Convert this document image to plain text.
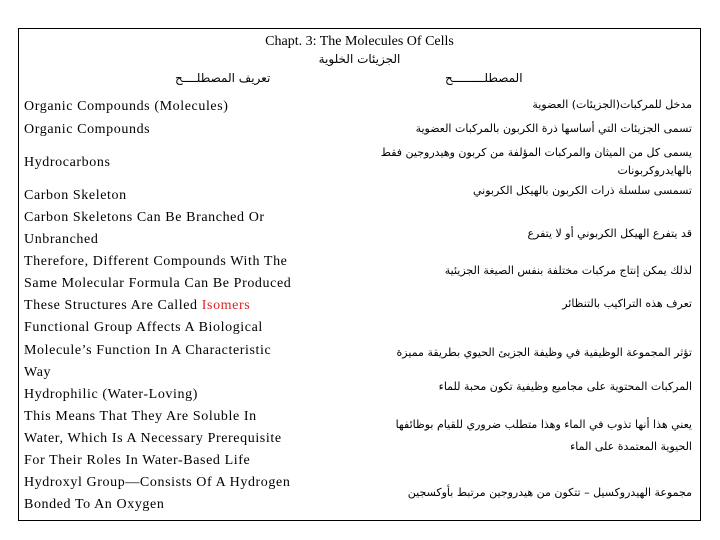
Chapt. 3: The Molecules Of Cells
الجزيئات الخلوية
تعريف المصطلــــح	المصطلـــــــــح
Organic Compounds (Molecules)
Organic Compounds
Hydrocarbons
Carbon Skeleton
Carbon Skeletons Can Be Branched Or
Unbranched
Therefore, Different Compounds With The
Same Molecular Formula Can Be Produced
These Structures Are Called Isomers
Functional Group Affects A Biological
Molecule’s Function In A Characteristic
Way
Hydrophilic (Water-Loving)
This Means That They Are Soluble In
Water, Which Is A Necessary Prerequisite
For Their Roles In Water-Based Life
Hydroxyl Group—Consists Of A Hydrogen
Bonded To An Oxygen
مدخل للمركبات(الجزيئات) العضوية
تسمى الجزيئات التي أساسها ذرة الكربون بالمركبات العضوية
يسمى كل من الميثان والمركبات المؤلفة من كربون وهيدروجين فقط
بالهايدروكربونات
تسمسى سلسلة ذرات الكربون بالهيكل الكربوني
قد يتفرع الهيكل الكربوني أو لا يتفرع
لذلك يمكن إنتاج مركبات مختلفة بنفس الصيغة الجزيئية
تعرف هذه التراكيب بالتنظائر
تؤثر المجموعة الوظيفية في وظيفة الجزيئ الحيوي بطريقة مميزة
المركبات المحتوية على مجاميع وظيفية تكون محبة للماء
يعني هذا أنها تذوب في الماء وهذا متطلب ضروري للقيام بوظائفها
الحيوية المعتمدة على الماء
مجموعة الهيدروكسيل – تتكون من هيدروجين مرتبط بأوكسجين
